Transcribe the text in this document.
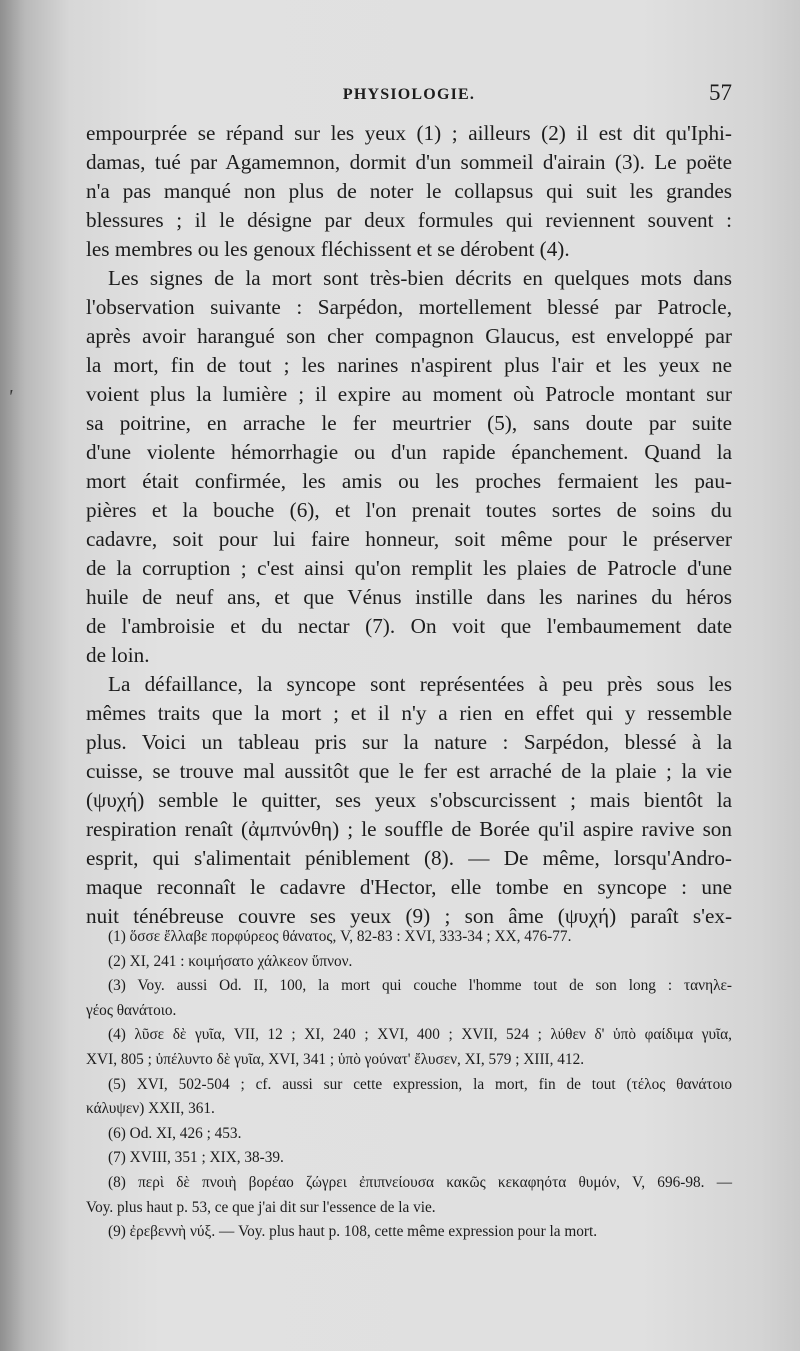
'
PHYSIOLOGIE.	57

empourprée se répand sur les yeux (1) ; ailleurs (2) il est dit qu'Iphi-
damas, tué par Agamemnon, dormit d'un sommeil d'airain (3). Le poëte
n'a pas manqué non plus de noter le collapsus qui suit les grandes
blessures ; il le désigne par deux formules qui reviennent souvent :
les membres ou les genoux fléchissent et se dérobent (4).

Les signes de la mort sont très-bien décrits en quelques mots dans
l'observation suivante : Sarpédon, mortellement blessé par Patrocle,
après avoir harangué son cher compagnon Glaucus, est enveloppé par
la mort, fin de tout ; les narines n'aspirent plus l'air et les yeux ne
voient plus la lumière ; il expire au moment où Patrocle montant sur
sa poitrine, en arrache le fer meurtrier (5), sans doute par suite
d'une violente hémorrhagie ou d'un rapide épanchement. Quand la
mort était confirmée, les amis ou les proches fermaient les pau-
pières et la bouche (6), et l'on prenait toutes sortes de soins du
cadavre, soit pour lui faire honneur, soit même pour le préserver
de la corruption ; c'est ainsi qu'on remplit les plaies de Patrocle d'une
huile de neuf ans, et que Vénus instille dans les narines du héros
de l'ambroisie et du nectar (7). On voit que l'embaumement date
de loin.

La défaillance, la syncope sont représentées à peu près sous les
mêmes traits que la mort ; et il n'y a rien en effet qui y ressemble
plus. Voici un tableau pris sur la nature : Sarpédon, blessé à la
cuisse, se trouve mal aussitôt que le fer est arraché de la plaie ; la vie
(ψυχή) semble le quitter, ses yeux s'obscurcissent ; mais bientôt la
respiration renaît (ἀμπνύνθη) ; le souffle de Borée qu'il aspire ravive son
esprit, qui s'alimentait péniblement (8). — De même, lorsqu'Andro-
maque reconnaît le cadavre d'Hector, elle tombe en syncope : une
nuit ténébreuse couvre ses yeux (9) ; son âme (ψυχή) paraît s'ex-

(1) ὅσσε ἔλλαβε πορφύρεος θάνατος, V, 82-83 : XVI, 333-34 ; XX, 476-77.
(2) XI, 241 : κοιμήσατο χάλκεον ὕπνον.
(3) Voy. aussi Od. II, 100, la mort qui couche l'homme tout de son long : τανηλε-
γέος θανάτοιο.
(4) λῦσε δὲ γυῖα, VII, 12 ; XI, 240 ; XVI, 400 ; XVII, 524 ; λύθεν δ' ὑπὸ φαίδιμα γυῖα,
XVI, 805 ; ὑπέλυντο δὲ γυῖα, XVI, 341 ; ὑπὸ γούνατ' ἔλυσεν, XI, 579 ; XIII, 412.
(5) XVI, 502-504 ; cf. aussi sur cette expression, la mort, fin de tout (τέλος θανάτοιο
κάλυψεν) XXII, 361.
(6) Od. XI, 426 ; 453.
(7) XVIII, 351 ; XIX, 38-39.
(8) περὶ δὲ πνοιὴ βορέαο ζώγρει ἐπιπνείουσα κακῶς κεκαφηότα θυμόν, V, 696-98. —
Voy. plus haut p. 53, ce que j'ai dit sur l'essence de la vie.
(9) ἐρεβεννὴ νύξ. — Voy. plus haut p. 108, cette même expression pour la mort.
